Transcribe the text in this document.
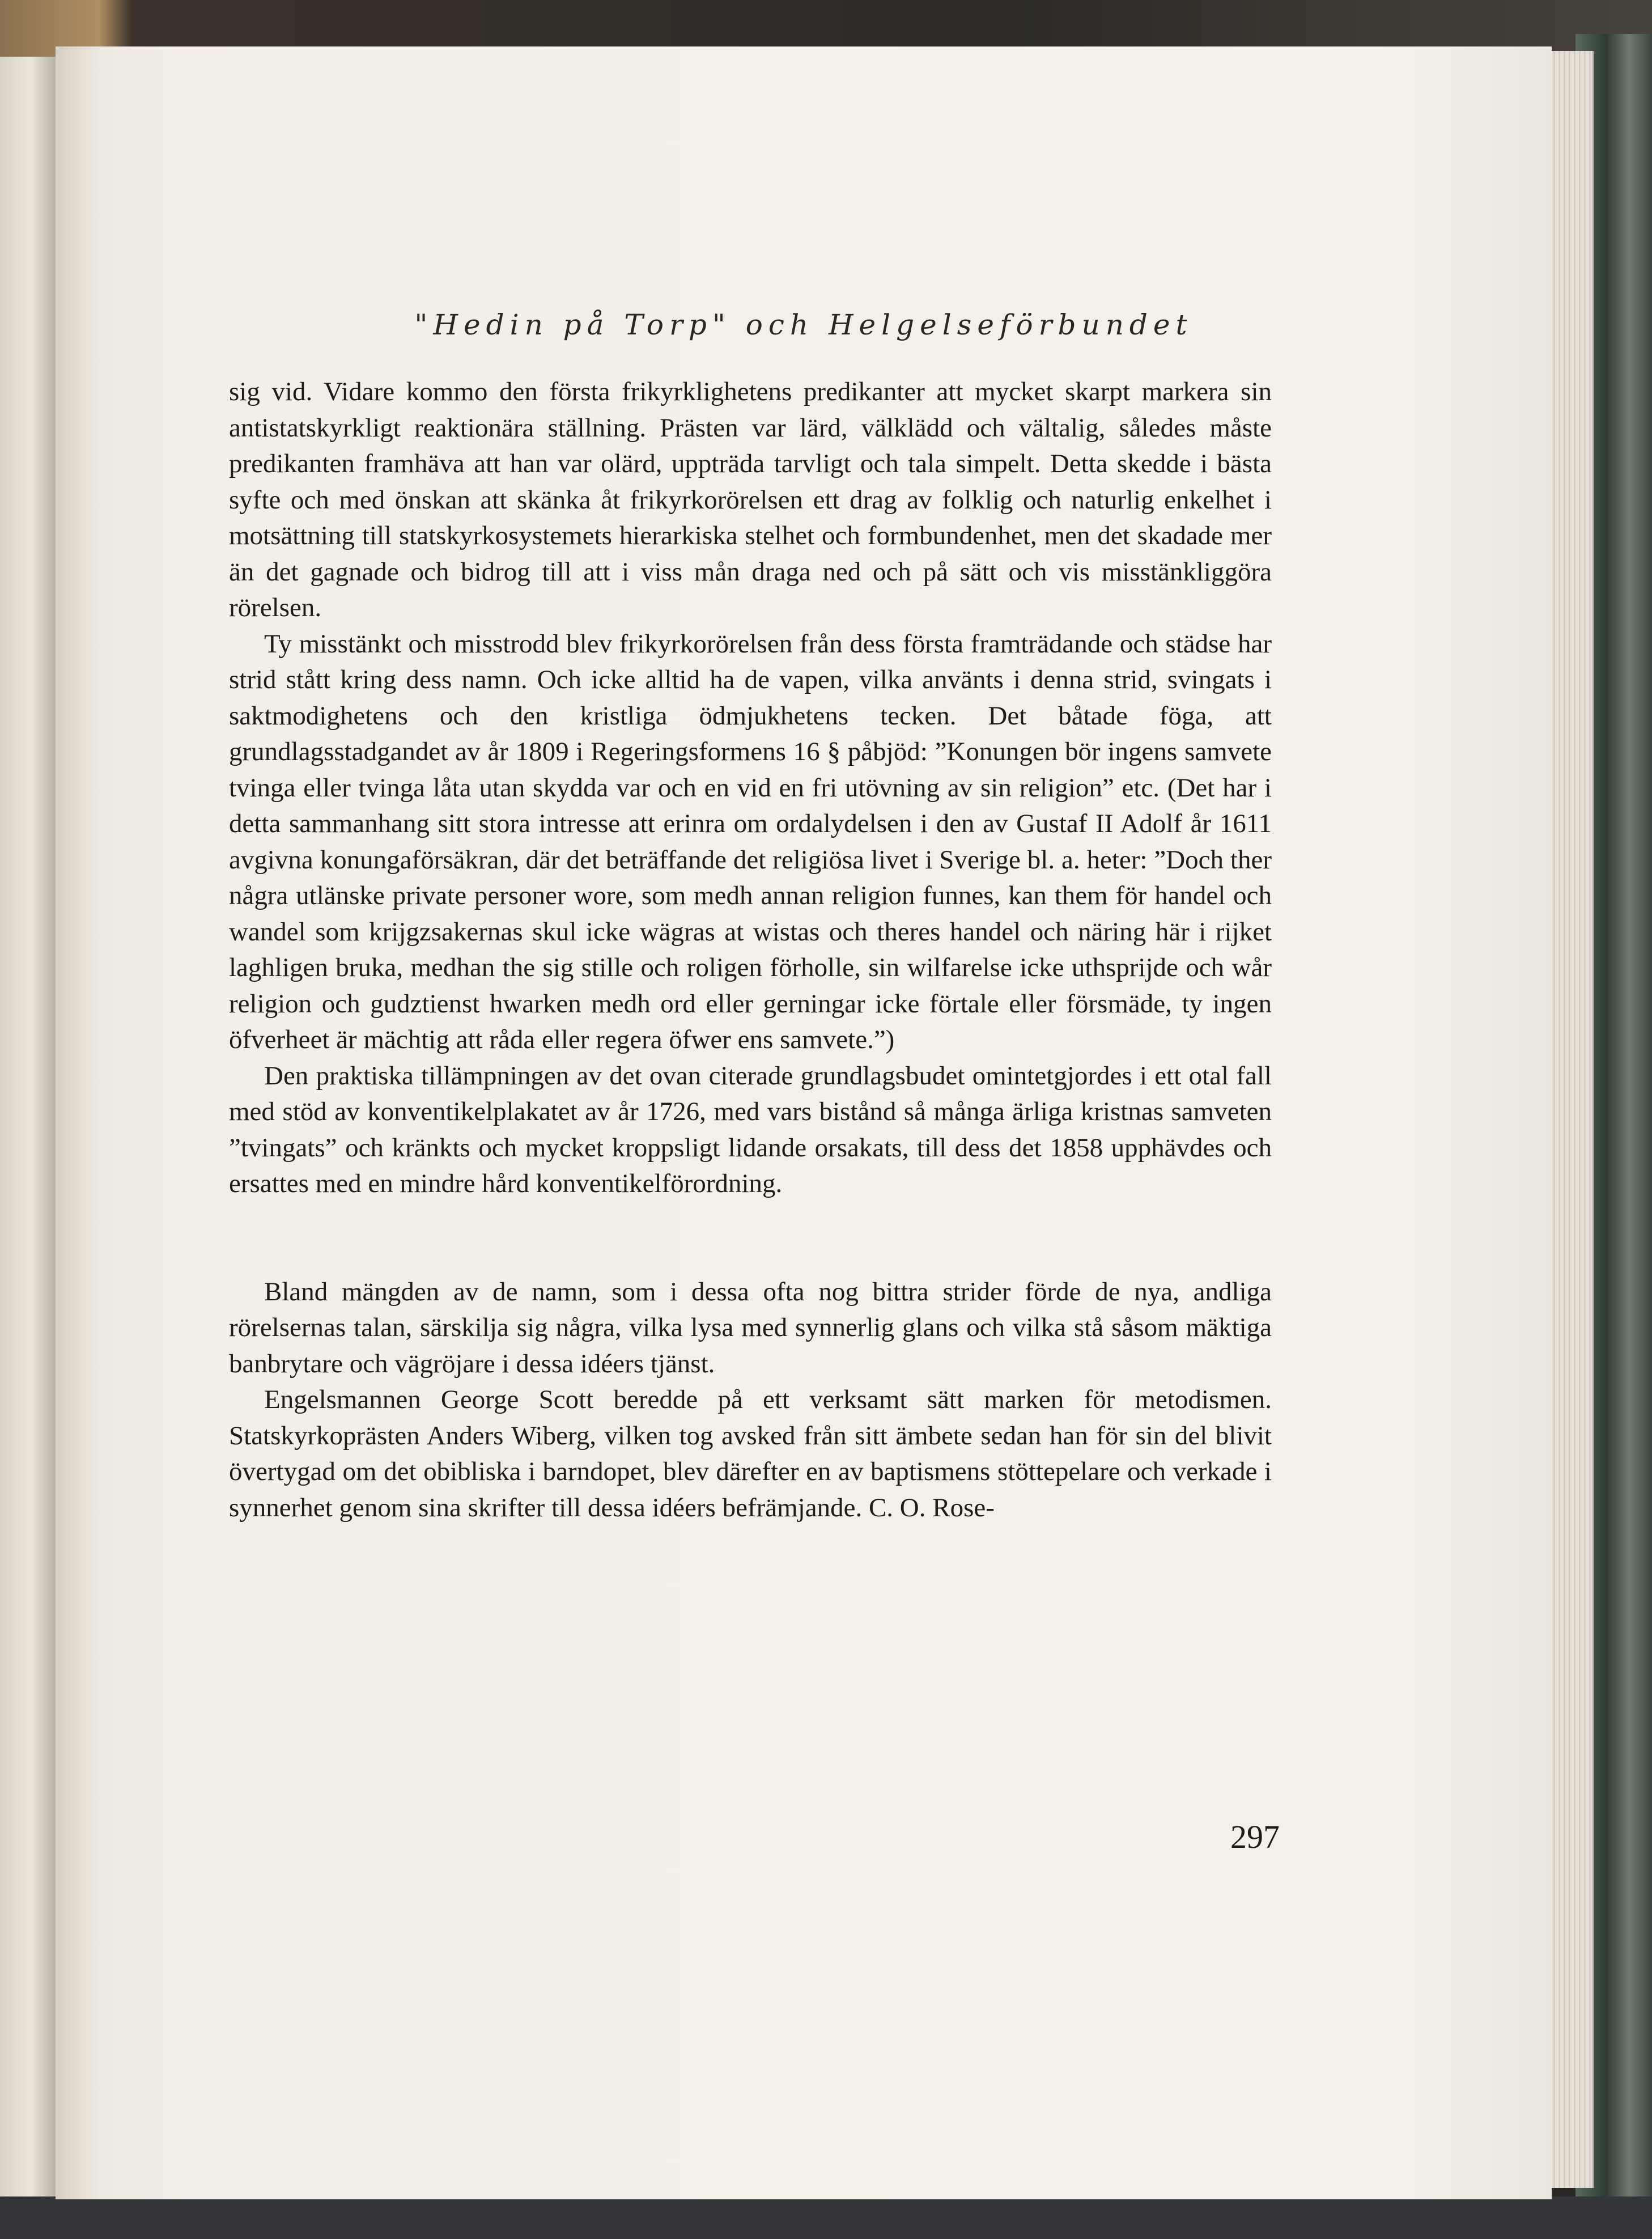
"Hedin på Torp" och Helgelseförbundet

sig vid. Vidare kommo den första frikyrklighetens predikanter att mycket skarpt markera sin antistatskyrkligt reaktionära ställning. Prästen var lärd, välklädd och vältalig, således måste predikanten framhäva att han var olärd, uppträda tarvligt och tala simpelt. Detta skedde i bästa syfte och med önskan att skänka åt frikyrkorörelsen ett drag av folklig och naturlig enkelhet i motsättning till statskyrkosystemets hierarkiska stelhet och formbundenhet, men det skadade mer än det gagnade och bidrog till att i viss mån draga ned och på sätt och vis misstänkliggöra rörelsen.

Ty misstänkt och misstrodd blev frikyrkorörelsen från dess första framträdande och städse har strid stått kring dess namn. Och icke alltid ha de vapen, vilka använts i denna strid, svingats i saktmodighetens och den kristliga ödmjukhetens tecken. Det båtade föga, att grundlagsstadgandet av år 1809 i Regeringsformens 16 § påbjöd: ”Konungen bör ingens samvete tvinga eller tvinga låta utan skydda var och en vid en fri utövning av sin religion” etc. (Det har i detta sammanhang sitt stora intresse att erinra om ordalydelsen i den av Gustaf II Adolf år 1611 avgivna konungaförsäkran, där det beträffande det religiösa livet i Sverige bl. a. heter: ”Doch ther några utlänske private personer wore, som medh annan religion funnes, kan them för handel och wandel som krijgzsakernas skul icke wägras at wistas och theres handel och näring här i rijket laghligen bruka, medhan the sig stille och roligen förholle, sin wilfarelse icke uthsprijde och wår religion och gudztienst hwarken medh ord eller gerningar icke förtale eller försmäde, ty ingen öfverheet är mächtig att råda eller regera öfwer ens samvete.”)

Den praktiska tillämpningen av det ovan citerade grundlagsbudet omintetgjordes i ett otal fall med stöd av konventikelplakatet av år 1726, med vars bistånd så många ärliga kristnas samveten ”tvingats” och kränkts och mycket kroppsligt lidande orsakats, till dess det 1858 upphävdes och ersattes med en mindre hård konventikelförordning.

Bland mängden av de namn, som i dessa ofta nog bittra strider förde de nya, andliga rörelsernas talan, särskilja sig några, vilka lysa med synnerlig glans och vilka stå såsom mäktiga banbrytare och vägröjare i dessa idéers tjänst.

Engelsmannen George Scott beredde på ett verksamt sätt marken för metodismen. Statskyrkoprästen Anders Wiberg, vilken tog avsked från sitt ämbete sedan han för sin del blivit övertygad om det obibliska i barndopet, blev därefter en av baptismens stöttepelare och verkade i synnerhet genom sina skrifter till dessa idéers befrämjande. C. O. Rose-

297
